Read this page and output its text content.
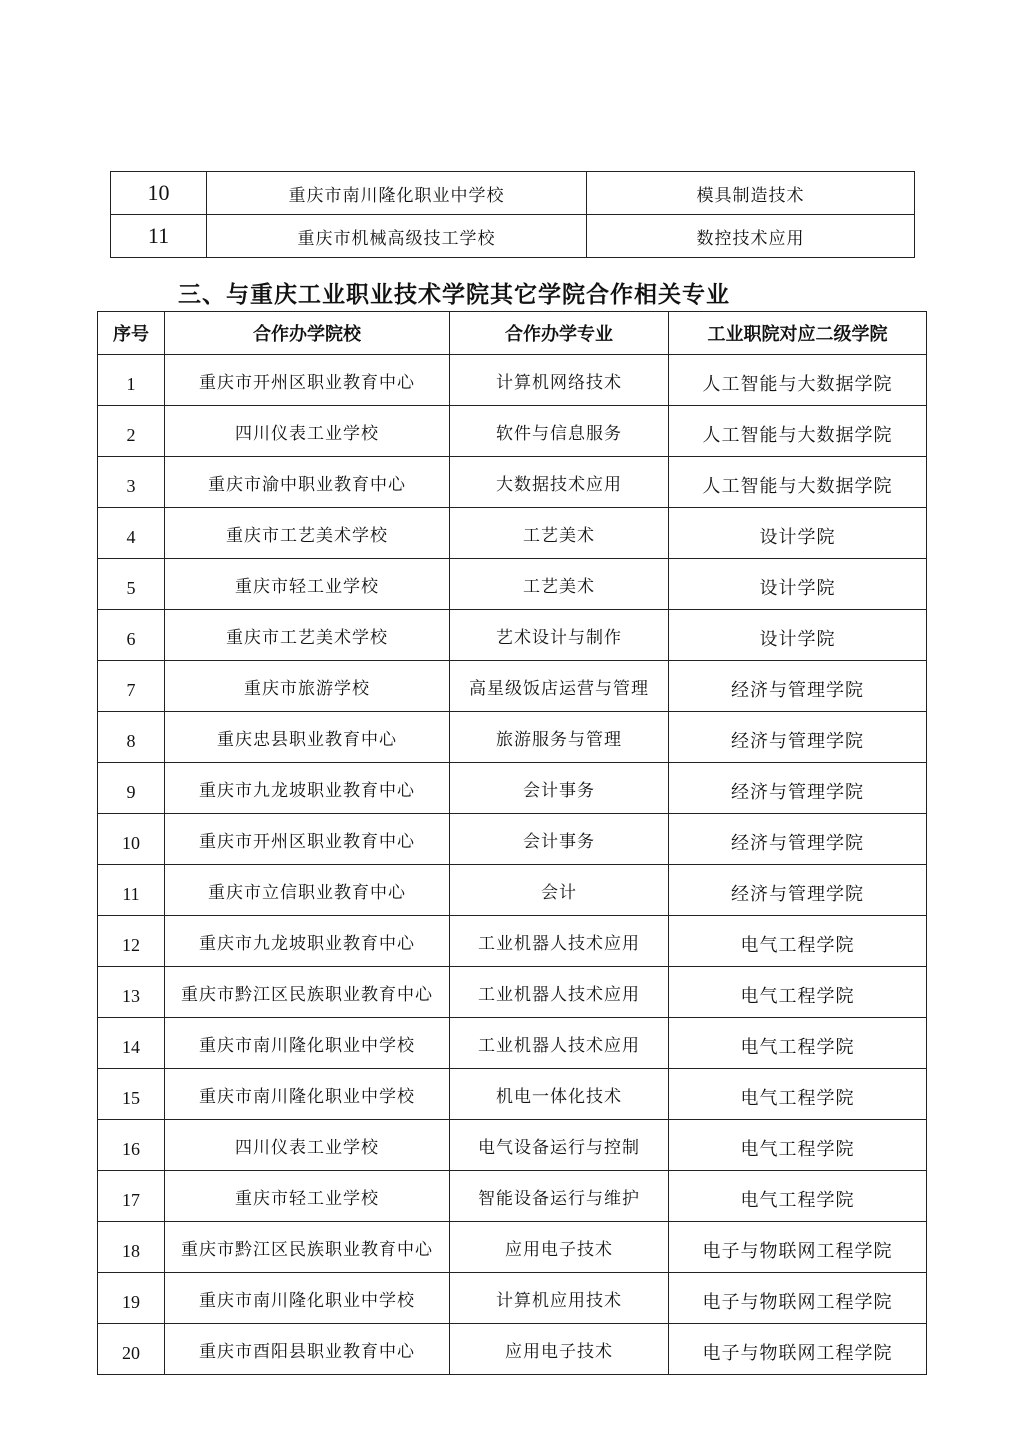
10	重庆市南川隆化职业中学校	模具制造技术
11	重庆市机械高级技工学校	数控技术应用
三、与重庆工业职业技术学院其它学院合作相关专业
序号	合作办学院校	合作办学专业	工业职院对应二级学院
1	重庆市开州区职业教育中心	计算机网络技术	人工智能与大数据学院
2	四川仪表工业学校	软件与信息服务	人工智能与大数据学院
3	重庆市渝中职业教育中心	大数据技术应用	人工智能与大数据学院
4	重庆市工艺美术学校	工艺美术	设计学院
5	重庆市轻工业学校	工艺美术	设计学院
6	重庆市工艺美术学校	艺术设计与制作	设计学院
7	重庆市旅游学校	高星级饭店运营与管理	经济与管理学院
8	重庆忠县职业教育中心	旅游服务与管理	经济与管理学院
9	重庆市九龙坡职业教育中心	会计事务	经济与管理学院
10	重庆市开州区职业教育中心	会计事务	经济与管理学院
11	重庆市立信职业教育中心	会计	经济与管理学院
12	重庆市九龙坡职业教育中心	工业机器人技术应用	电气工程学院
13	重庆市黔江区民族职业教育中心	工业机器人技术应用	电气工程学院
14	重庆市南川隆化职业中学校	工业机器人技术应用	电气工程学院
15	重庆市南川隆化职业中学校	机电一体化技术	电气工程学院
16	四川仪表工业学校	电气设备运行与控制	电气工程学院
17	重庆市轻工业学校	智能设备运行与维护	电气工程学院
18	重庆市黔江区民族职业教育中心	应用电子技术	电子与物联网工程学院
19	重庆市南川隆化职业中学校	计算机应用技术	电子与物联网工程学院
20	重庆市酉阳县职业教育中心	应用电子技术	电子与物联网工程学院
